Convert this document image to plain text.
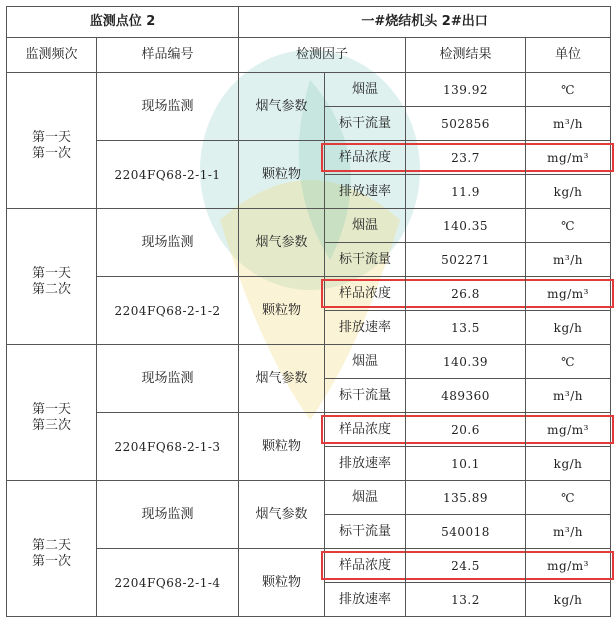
监测点位 2		一#烧结机头 2#出口			
监测频次	样品编号	检测因子		检测结果	单位

第一天
第一次	现场监测	烟气参数	烟温	139.92	℃
			标干流量	502856	m³/h
	2204FQ68-2-1-1	颗粒物	样品浓度	23.7	mg/m³
			排放速率	11.9	kg/h

第一天
第二次	现场监测	烟气参数	烟温	140.35	℃
			标干流量	502271	m³/h
	2204FQ68-2-1-2	颗粒物	样品浓度	26.8	mg/m³
			排放速率	13.5	kg/h

第一天
第三次	现场监测	烟气参数	烟温	140.39	℃
			标干流量	489360	m³/h
	2204FQ68-2-1-3	颗粒物	样品浓度	20.6	mg/m³
			排放速率	10.1	kg/h

第二天
第一次	现场监测	烟气参数	烟温	135.89	℃
			标干流量	540018	m³/h
	2204FQ68-2-1-4	颗粒物	样品浓度	24.5	mg/m³
			排放速率	13.2	kg/h
